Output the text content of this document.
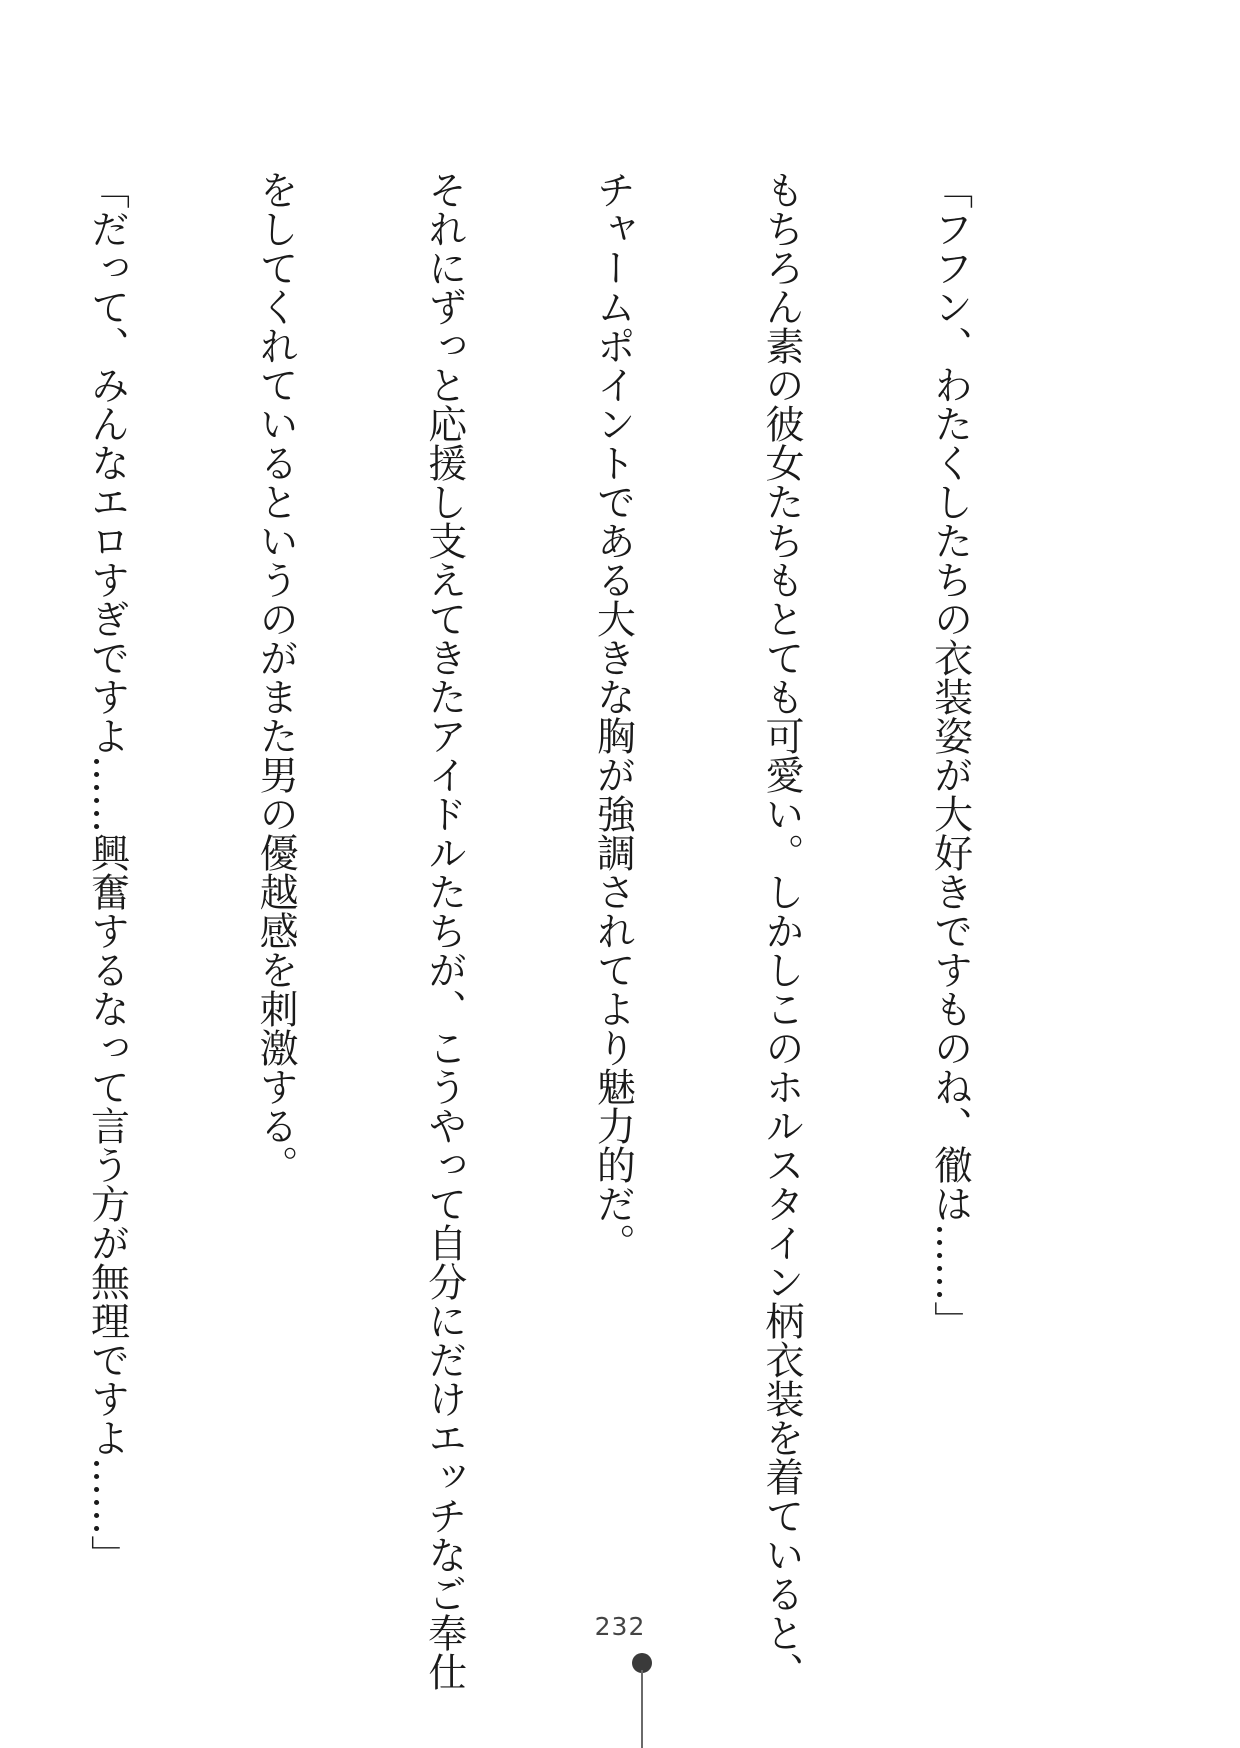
「フフン、わたくしたちの衣装姿が大好きですものね、徹は……」

もちろん素の彼女たちもとても可愛い。しかしこのホルスタイン柄衣装を着ていると、

チャームポイントである大きな胸が強調されてより魅力的だ。

それにずっと応援し支えてきたアイドルたちが、こうやって自分にだけエッチなご奉仕

をしてくれているというのがまた男の優越感を刺激する。

「だって、みんなエロすぎですよ……興奮するなって言う方が無理ですよ……」

232
